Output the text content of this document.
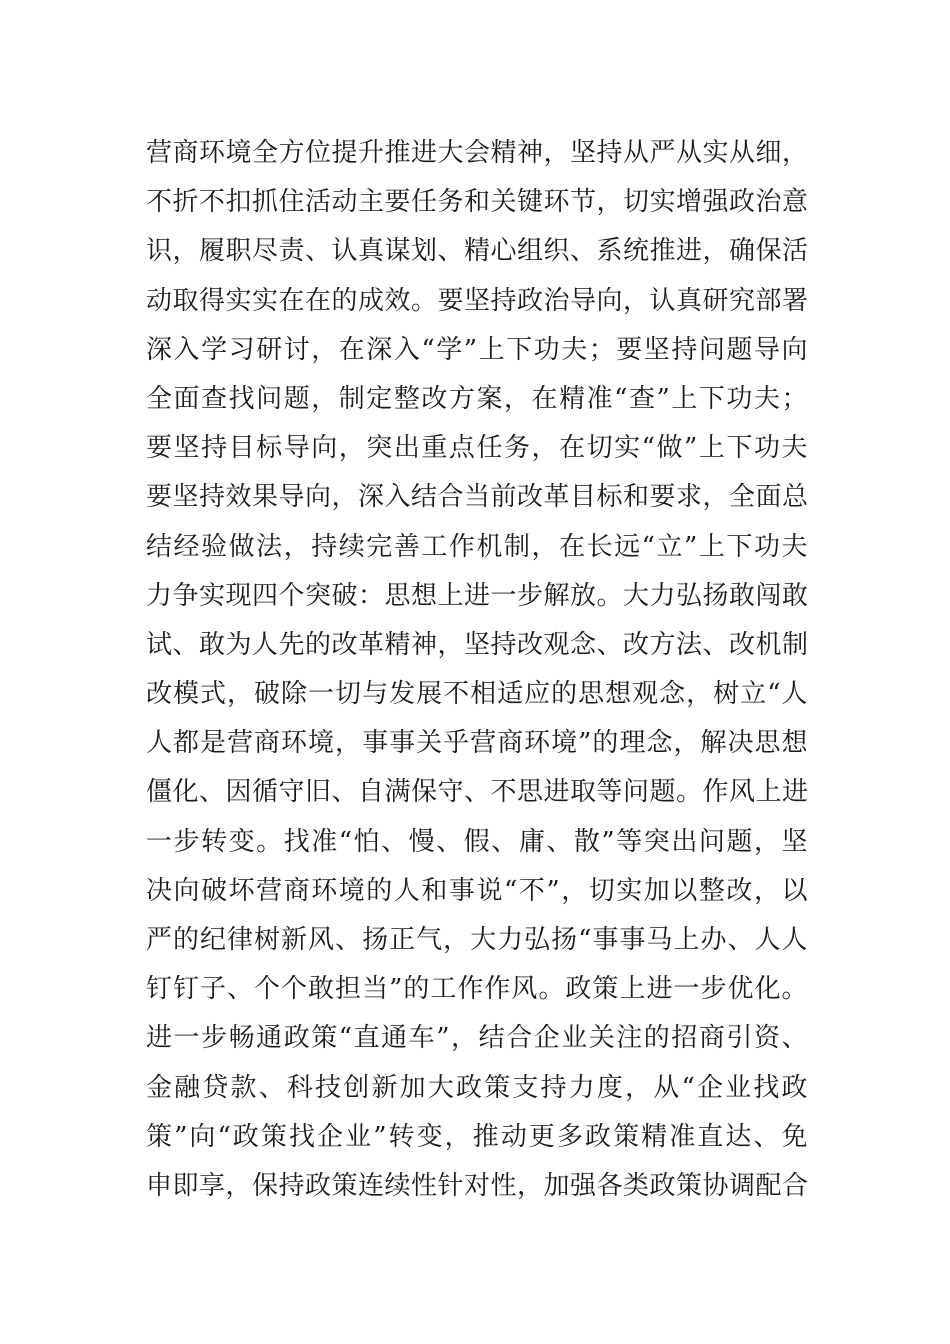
营商环境全方位提升推进大会精神，坚持从严从实从细，
不折不扣抓住活动主要任务和关键环节，切实增强政治意
识，履职尽责、认真谋划、精心组织、系统推进，确保活
动取得实实在在的成效。要坚持政治导向，认真研究部署
深入学习研讨，在深入“学”上下功夫；要坚持问题导向
全面查找问题，制定整改方案，在精准“查”上下功夫；
要坚持目标导向，突出重点任务，在切实“做”上下功夫
要坚持效果导向，深入结合当前改革目标和要求，全面总
结经验做法，持续完善工作机制，在长远“立”上下功夫
力争实现四个突破：思想上进一步解放。大力弘扬敢闯敢
试、敢为人先的改革精神，坚持改观念、改方法、改机制
改模式，破除一切与发展不相适应的思想观念，树立“人
人都是营商环境，事事关乎营商环境”的理念，解决思想
僵化、因循守旧、自满保守、不思进取等问题。作风上进
一步转变。找准“怕、慢、假、庸、散”等突出问题，坚
决向破坏营商环境的人和事说“不”，切实加以整改，以
严的纪律树新风、扬正气，大力弘扬“事事马上办、人人
钉钉子、个个敢担当”的工作作风。政策上进一步优化。
进一步畅通政策“直通车”，结合企业关注的招商引资、
金融贷款、科技创新加大政策支持力度，从“企业找政
策”向“政策找企业”转变，推动更多政策精准直达、免
申即享，保持政策连续性针对性，加强各类政策协调配合
